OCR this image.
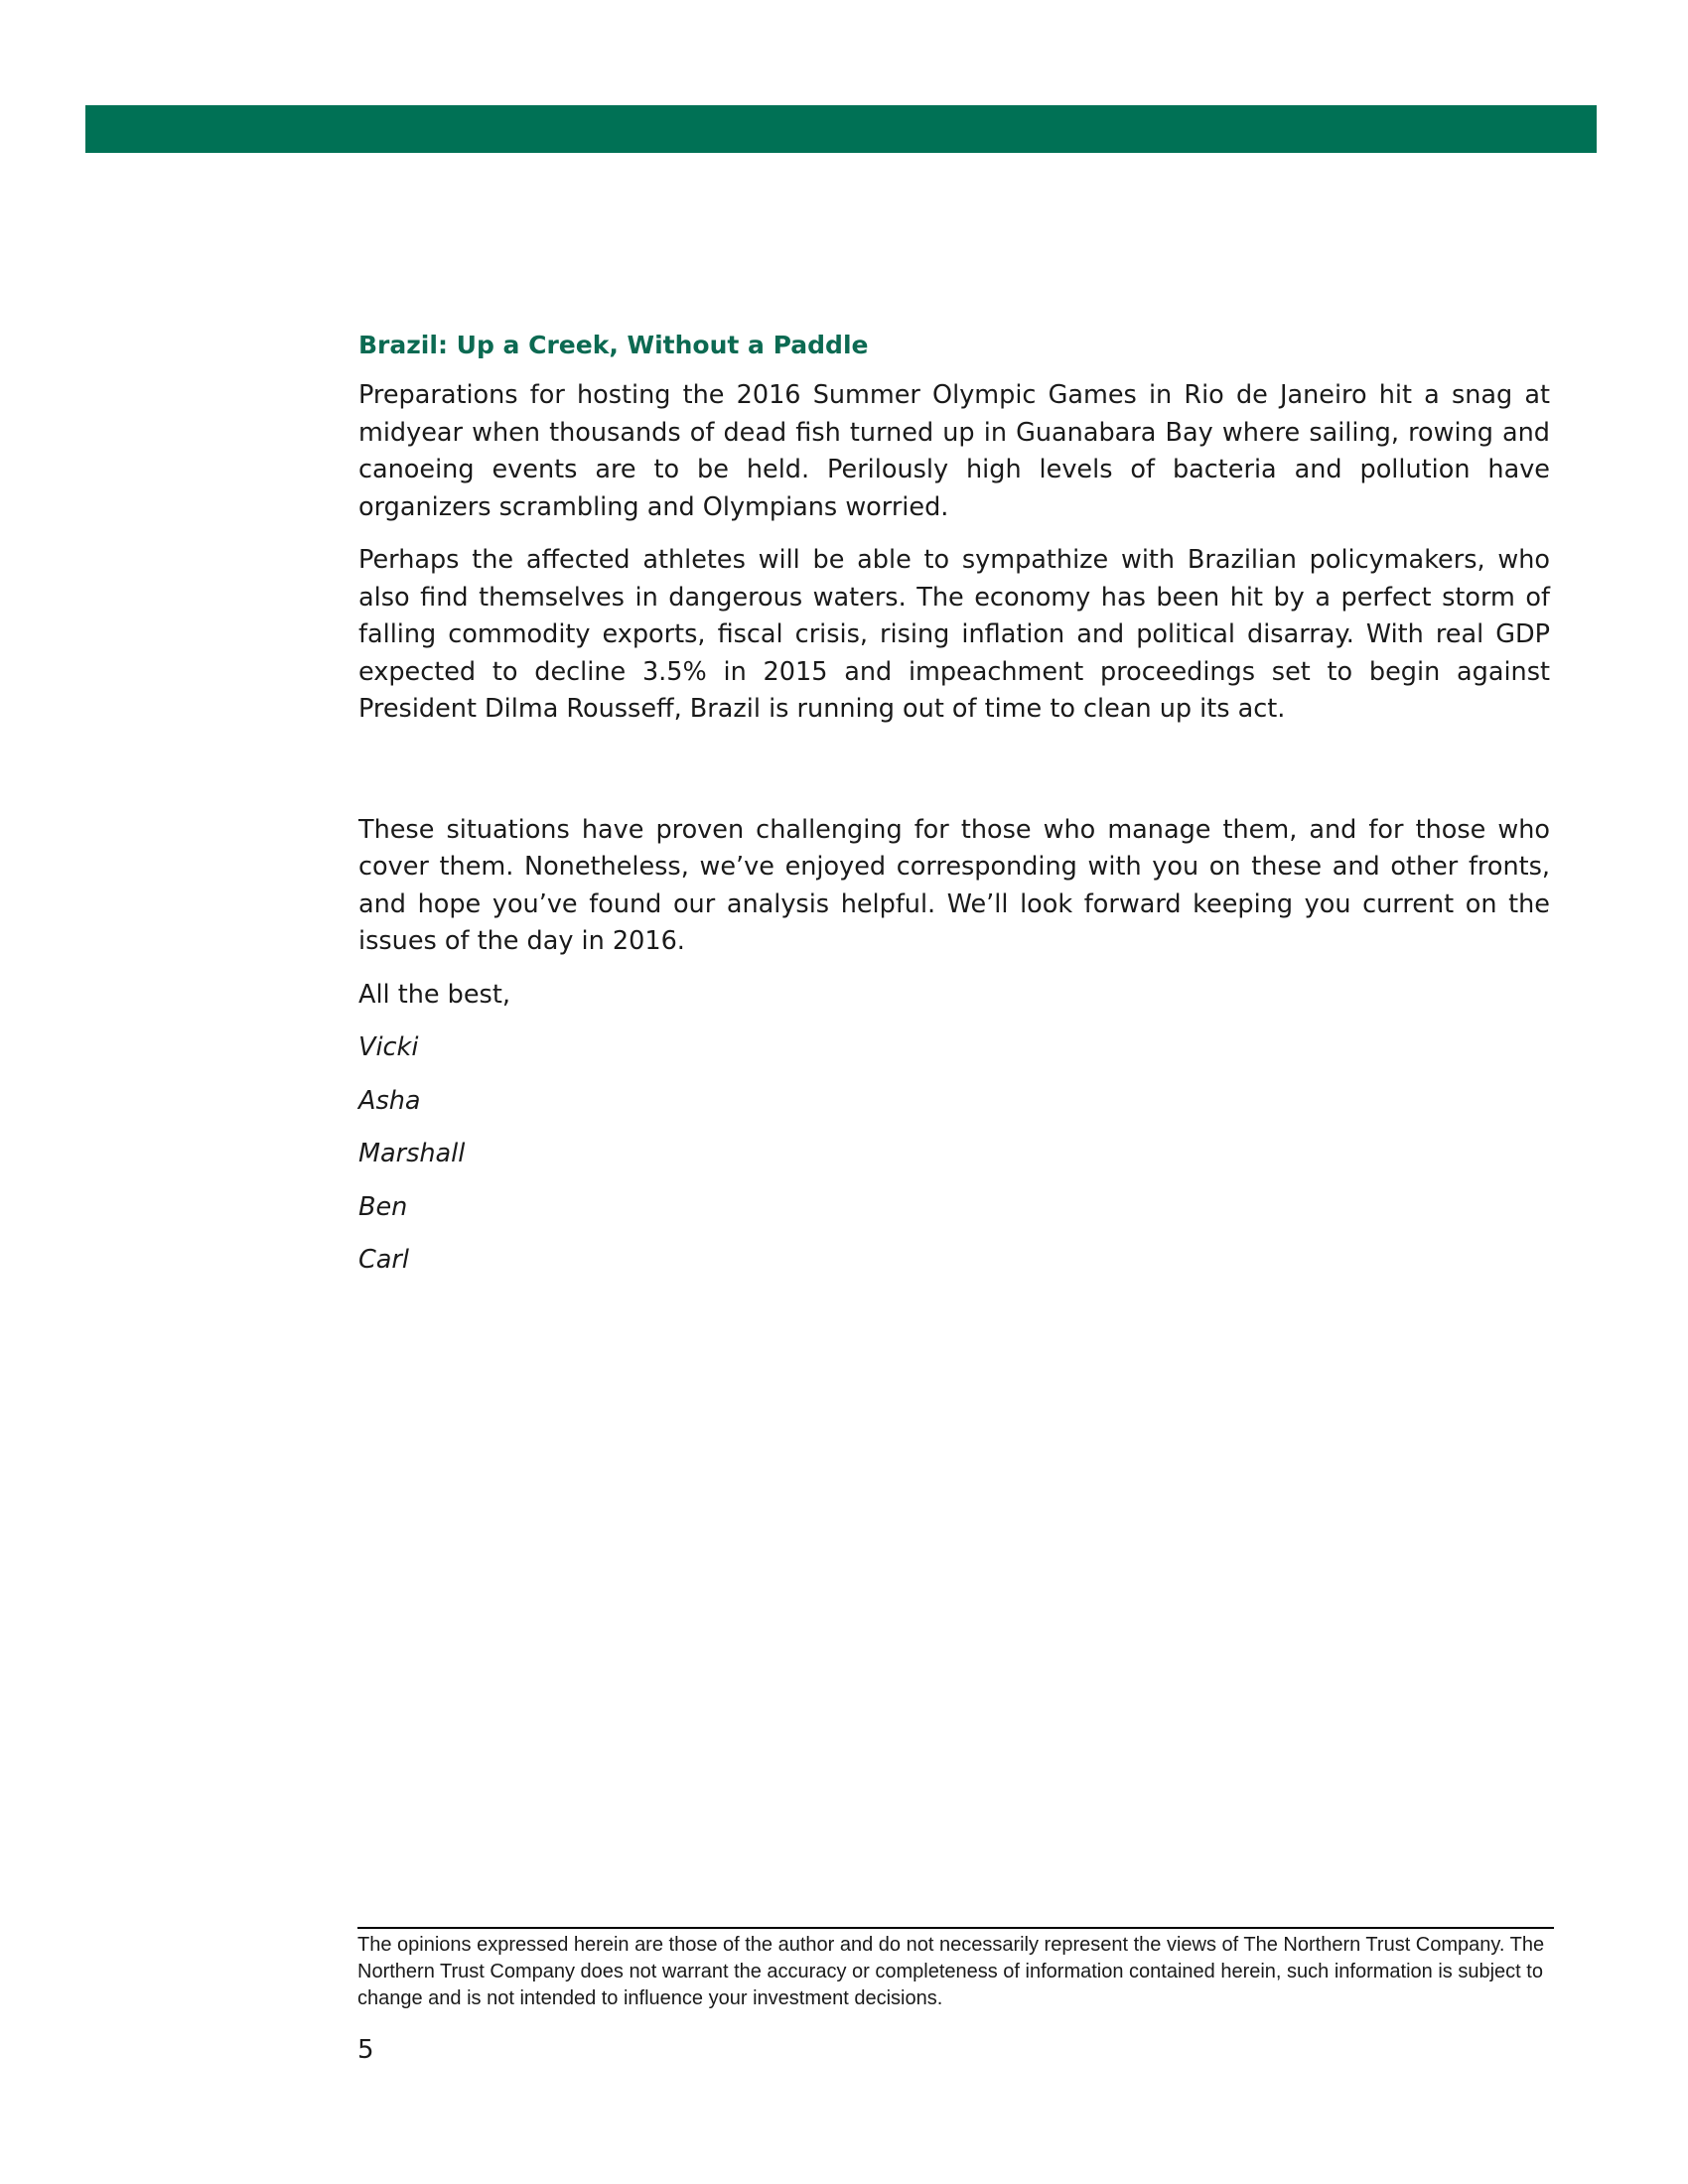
Brazil: Up a Creek, Without a Paddle

Preparations for hosting the 2016 Summer Olympic Games in Rio de Janeiro hit a snag at midyear when thousands of dead fish turned up in Guanabara Bay where sailing, rowing and canoeing events are to be held. Perilously high levels of bacteria and pollution have organizers scrambling and Olympians worried.

Perhaps the affected athletes will be able to sympathize with Brazilian policymakers, who also find themselves in dangerous waters. The economy has been hit by a perfect storm of falling commodity exports, fiscal crisis, rising inflation and political disarray. With real GDP expected to decline 3.5% in 2015 and impeachment proceedings set to begin against President Dilma Rousseff, Brazil is running out of time to clean up its act.

These situations have proven challenging for those who manage them, and for those who cover them. Nonetheless, we’ve enjoyed corresponding with you on these and other fronts, and hope you’ve found our analysis helpful. We’ll look forward keeping you current on the issues of the day in 2016.

All the best,

Vicki

Asha

Marshall

Ben

Carl

The opinions expressed herein are those of the author and do not necessarily represent the views of The Northern Trust Company. The Northern Trust Company does not warrant the accuracy or completeness of information contained herein, such information is subject to change and is not intended to influence your investment decisions.
5
